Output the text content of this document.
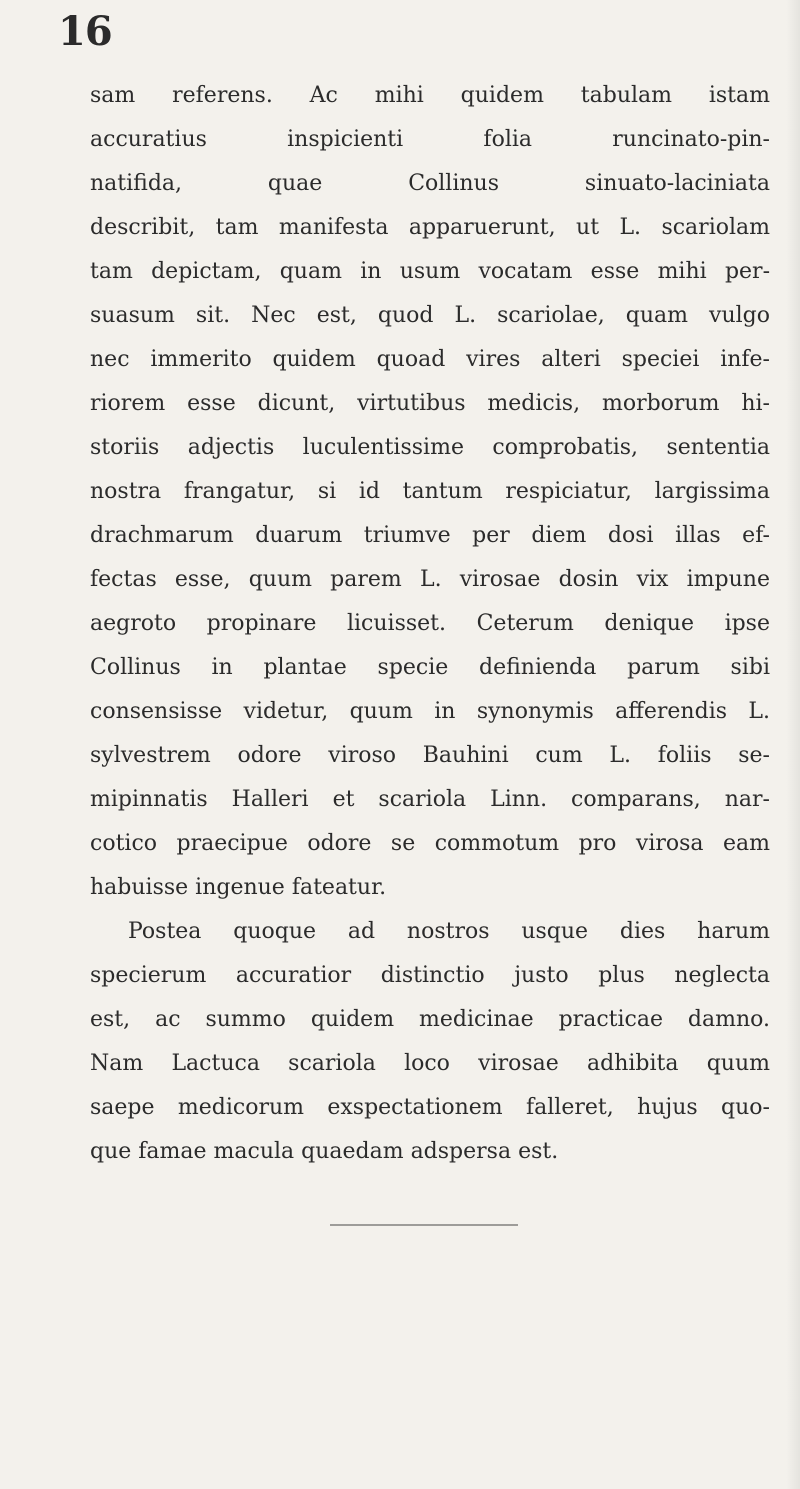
16
sam referens. Ac mihi quidem tabulam istam
accuratius inspicienti folia runcinato-pin-
natifida, quae Collinus sinuato-laciniata
describit, tam manifesta apparuerunt, ut L. scariolam
tam depictam, quam in usum vocatam esse mihi per-
suasum sit. Nec est, quod L. scariolae, quam vulgo
nec immerito quidem quoad vires alteri speciei infe-
riorem esse dicunt, virtutibus medicis, morborum hi-
storiis adjectis luculentissime comprobatis, sententia
nostra frangatur, si id tantum respiciatur, largissima
drachmarum duarum triumve per diem dosi illas ef-
fectas esse, quum parem L. virosae dosin vix impune
aegroto propinare licuisset. Ceterum denique ipse
Collinus in plantae specie definienda parum sibi
consensisse videtur, quum in synonymis afferendis L.
sylvestrem odore viroso Bauhini cum L. foliis se-
mipinnatis Halleri et scariola Linn. comparans, nar-
cotico praecipue odore se commotum pro virosa eam
habuisse ingenue fateatur.
Postea quoque ad nostros usque dies harum
specierum accuratior distinctio justo plus neglecta
est, ac summo quidem medicinae practicae damno.
Nam Lactuca scariola loco virosae adhibita quum
saepe medicorum exspectationem falleret, hujus quo-
que famae macula quaedam adspersa est.
